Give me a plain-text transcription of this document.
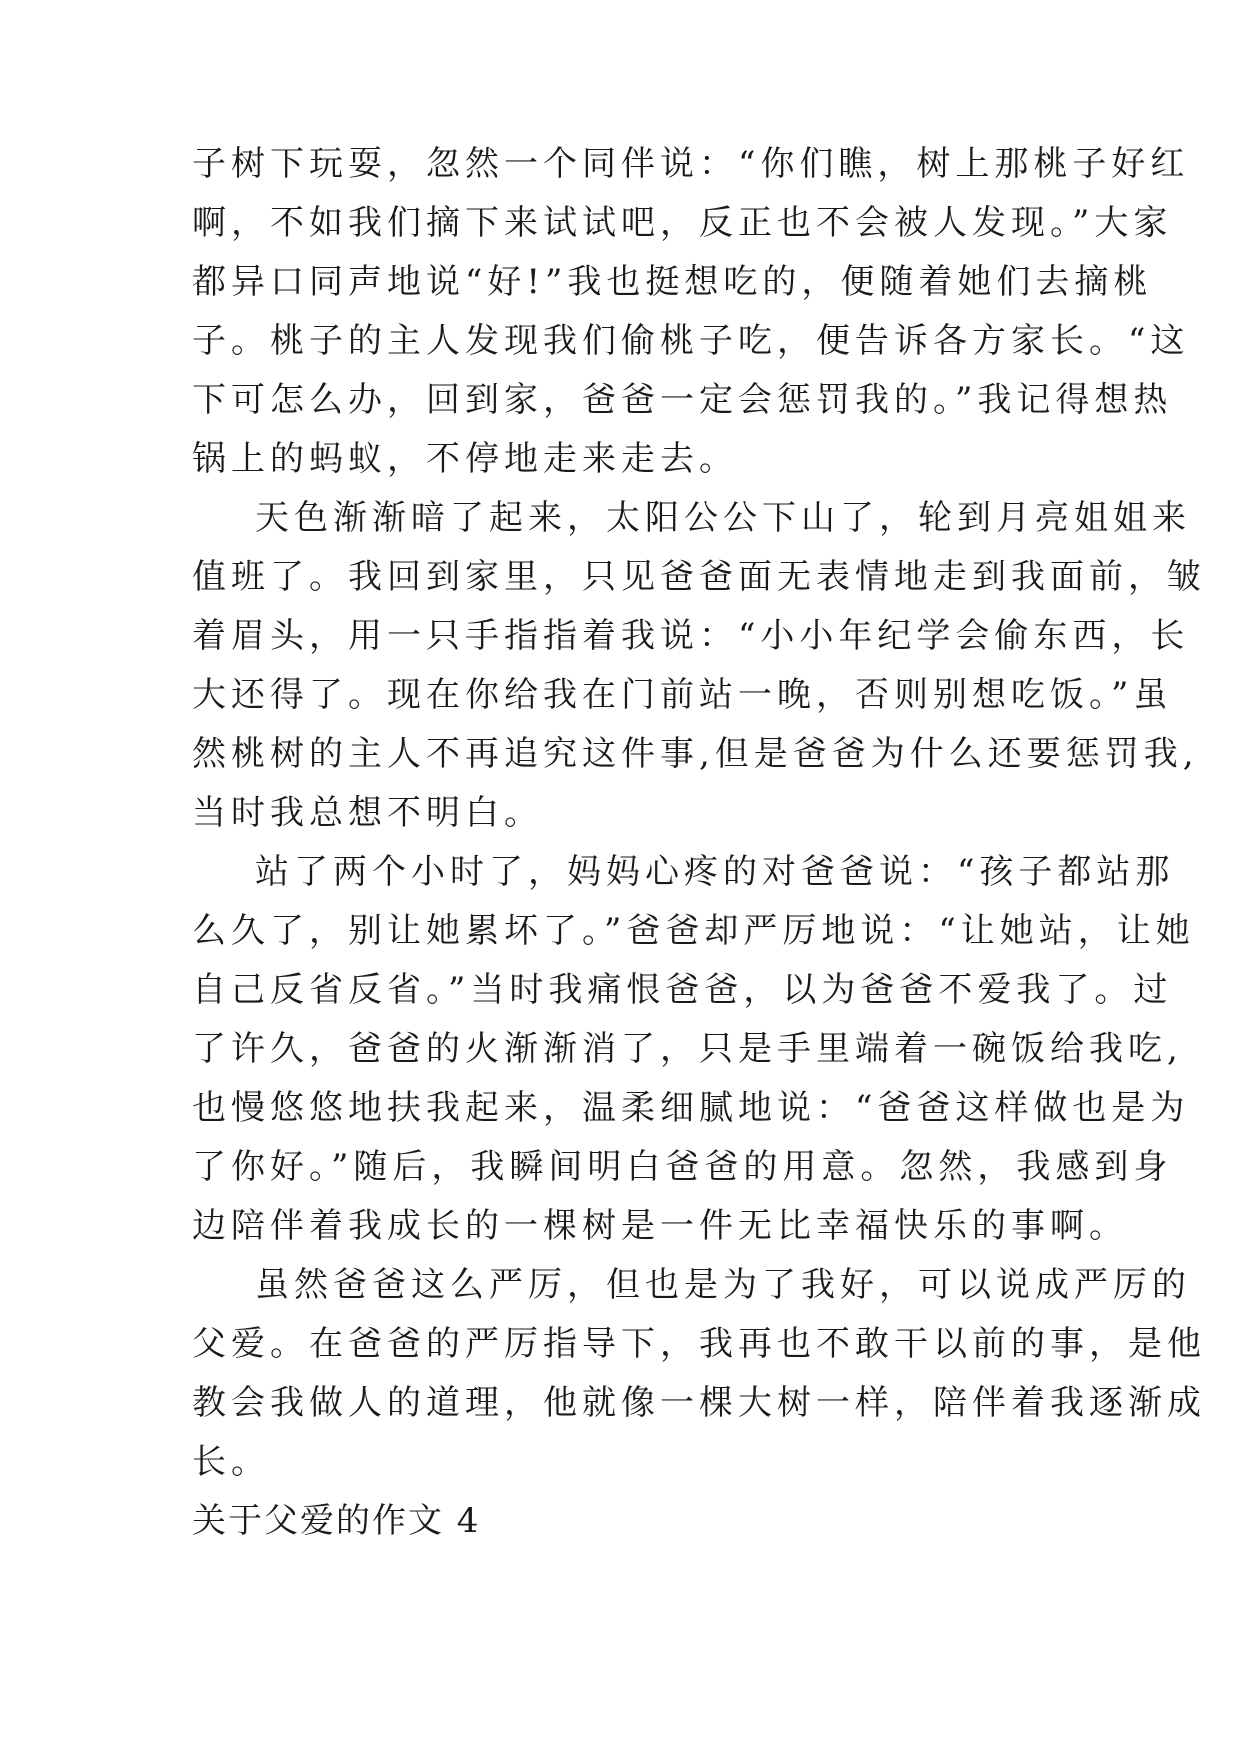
子树下玩耍，忽然一个同伴说：“你们瞧，树上那桃子好红
啊，不如我们摘下来试试吧，反正也不会被人发现。”大家
都异口同声地说“好!”我也挺想吃的，便随着她们去摘桃
子。桃子的主人发现我们偷桃子吃，便告诉各方家长。“这
下可怎么办，回到家，爸爸一定会惩罚我的。”我记得想热
锅上的蚂蚁，不停地走来走去。
天色渐渐暗了起来，太阳公公下山了，轮到月亮姐姐来
值班了。我回到家里，只见爸爸面无表情地走到我面前，皱
着眉头，用一只手指指着我说：“小小年纪学会偷东西，长
大还得了。现在你给我在门前站一晚，否则别想吃饭。”虽
然桃树的主人不再追究这件事,但是爸爸为什么还要惩罚我,
当时我总想不明白。
站了两个小时了，妈妈心疼的对爸爸说：“孩子都站那
么久了，别让她累坏了。”爸爸却严厉地说：“让她站，让她
自己反省反省。”当时我痛恨爸爸，以为爸爸不爱我了。过
了许久，爸爸的火渐渐消了，只是手里端着一碗饭给我吃,
也慢悠悠地扶我起来，温柔细腻地说：“爸爸这样做也是为
了你好。”随后，我瞬间明白爸爸的用意。忽然，我感到身
边陪伴着我成长的一棵树是一件无比幸福快乐的事啊。
虽然爸爸这么严厉，但也是为了我好，可以说成严厉的
父爱。在爸爸的严厉指导下，我再也不敢干以前的事，是他
教会我做人的道理，他就像一棵大树一样，陪伴着我逐渐成
长。
关于父爱的作文 4
